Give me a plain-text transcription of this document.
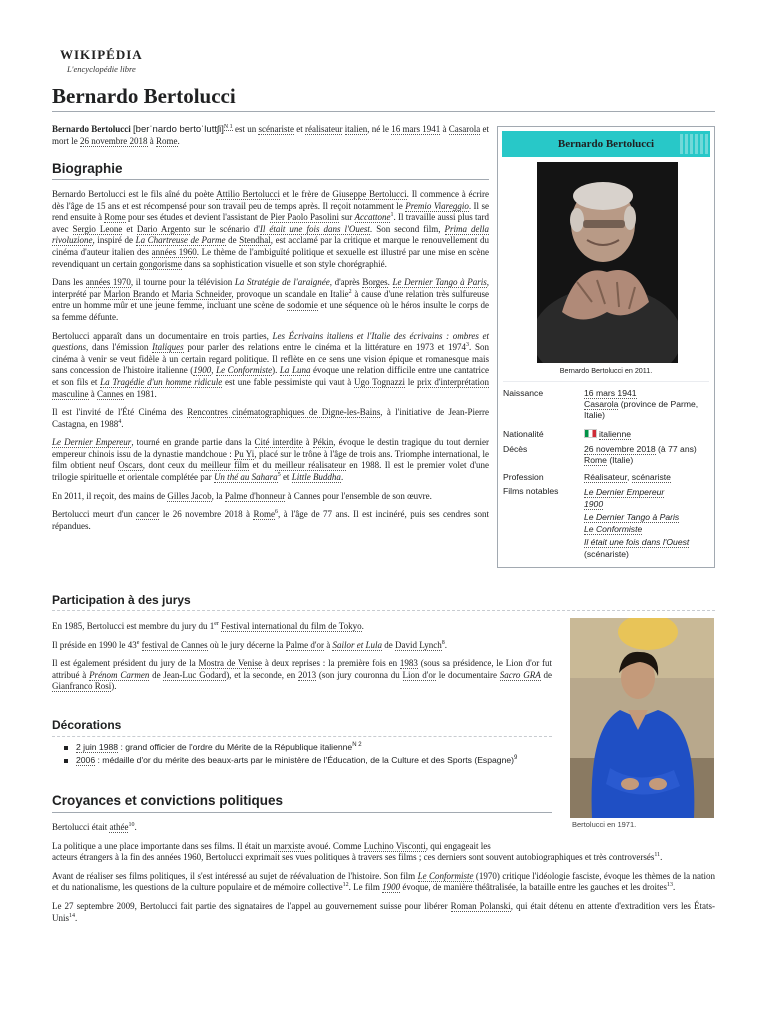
WIKIPÉDIA
L'encyclopédie libre
Bernardo Bertolucci

Bernardo Bertolucci [berˈnardo bertoˈluttʃi]$^{N 1}$ est un scénariste et réalisateur italien, né le 16 mars 1941 à Casarola et mort le 26 novembre 2018 à Rome.

Biographie

Bernardo Bertolucci est le fils aîné du poète Attilio Bertolucci et le frère de Giuseppe Bertolucci. Il commence à écrire dès l'âge de 15 ans et est récompensé pour son travail peu de temps après. Il reçoit notamment le Premio Viareggio. Il se rend ensuite à Rome pour ses études et devient l'assistant de Pier Paolo Pasolini sur Accattone$^1$. Il travaille aussi plus tard avec Sergio Leone et Dario Argento sur le scénario d'Il était une fois dans l'Ouest. Son second film, Prima della rivoluzione, inspiré de La Chartreuse de Parme de Stendhal, est acclamé par la critique et marque le renouvellement du cinéma d'auteur italien des années 1960. Le thème de l'ambiguïté politique et sexuelle est illustré par une mise en scène revendiquant un certain gongorisme dans sa sophistication visuelle et son style chorégraphié.

Dans les années 1970, il tourne pour la télévision La Stratégie de l'araignée, d'après Borges. Le Dernier Tango à Paris, interprété par Marlon Brando et Maria Schneider, provoque un scandale en Italie$^2$ à cause d'une relation très sulfureuse entre un homme mûr et une jeune femme, incluant une scène de sodomie et une séquence où le héros insulte le corps de sa femme défunte.

Bertolucci apparaît dans un documentaire en trois parties, Les Écrivains italiens et l'Italie des écrivains : ombres et questions, dans l'émission Italiques pour parler des relations entre le cinéma et la littérature en 1973 et 1974$^3$. Son cinéma à venir se veut fidèle à un certain regard politique. Il reflète en ce sens une vision épique et romanesque mais sans concession de l'histoire italienne (1900, Le Conformiste). La Luna évoque une relation difficile entre une cantatrice et son fils et La Tragédie d'un homme ridicule est une fable pessimiste qui vaut à Ugo Tognazzi le prix d'interprétation masculine à Cannes en 1981.

Il est l'invité de l'Été Cinéma des Rencontres cinématographiques de Digne-les-Bains, à l'initiative de Jean-Pierre Castagna, en 1988$^4$.

Le Dernier Empereur, tourné en grande partie dans la Cité interdite à Pékin, évoque le destin tragique du tout dernier empereur chinois issu de la dynastie mandchoue : Pu Yi, placé sur le trône à l'âge de trois ans. Triomphe international, le film obtient neuf Oscars, dont ceux du meilleur film et du meilleur réalisateur en 1988. Il est le premier volet d'une trilogie spirituelle et orientale complétée par Un thé au Sahara$^5$ et Little Buddha.

En 2011, il reçoit, des mains de Gilles Jacob, la Palme d'honneur à Cannes pour l'ensemble de son œuvre.

Bertolucci meurt d'un cancer le 26 novembre 2018 à Rome$^6$, à l'âge de 77 ans. Il est incinéré, puis ses cendres sont répandues.

Bernardo Bertolucci
Bernardo Bertolucci en 2011.
Naissance	16 mars 1941
Casarola (province de Parme, Italie)
Nationalité	italienne
Décès	26 novembre 2018 (à 77 ans)
Rome (Italie)
Profession	Réalisateur, scénariste
Films notables	Le Dernier Empereur
1900
Le Dernier Tango à Paris
Le Conformiste
Il était une fois dans l'Ouest
(scénariste)
Participation à des jurys

En 1985, Bertolucci est membre du jury du 1er Festival international du film de Tokyo.

Il préside en 1990 le 43e festival de Cannes où le jury décerne la Palme d'or à Sailor et Lula de David Lynch$^8$.

Il est également président du jury de la Mostra de Venise à deux reprises : la première fois en 1983 (sous sa présidence, le Lion d'or fut attribué à Prénom Carmen de Jean-Luc Godard), et la seconde, en 2013 (son jury couronna du Lion d'or le documentaire Sacro GRA de Gianfranco Rosi).

Bertolucci en 1971.
Décorations
2 juin 1988 : grand officier de l'ordre du Mérite de la République italienne$^{N 2}$
2006 : médaille d'or du mérite des beaux-arts par le ministère de l'Éducation, de la Culture et des Sports (Espagne)$^9$
Croyances et convictions politiques

Bertolucci était athée$^{10}$.

La politique a une place importante dans ses films. Il était un marxiste avoué. Comme Luchino Visconti, qui engageait les
acteurs étrangers à la fin des années 1960, Bertolucci exprimait ses vues politiques à travers ses films ; ces derniers sont souvent autobiographiques et très controversés$^{11}$.

Avant de réaliser ses films politiques, il s'est intéressé au sujet de réévaluation de l'histoire. Son film Le Conformiste (1970) critique l'idéologie fasciste, évoque les thèmes de la nation et du nationalisme, les questions de la culture populaire et de mémoire collective$^{12}$. Le film 1900 évoque, de manière théâtralisée, la bataille entre les gauches et les droites$^{13}$.

Le 27 septembre 2009, Bertolucci fait partie des signataires de l'appel au gouvernement suisse pour libérer Roman Polanski, qui était détenu en attente d'extradition vers les États-Unis$^{14}$.
